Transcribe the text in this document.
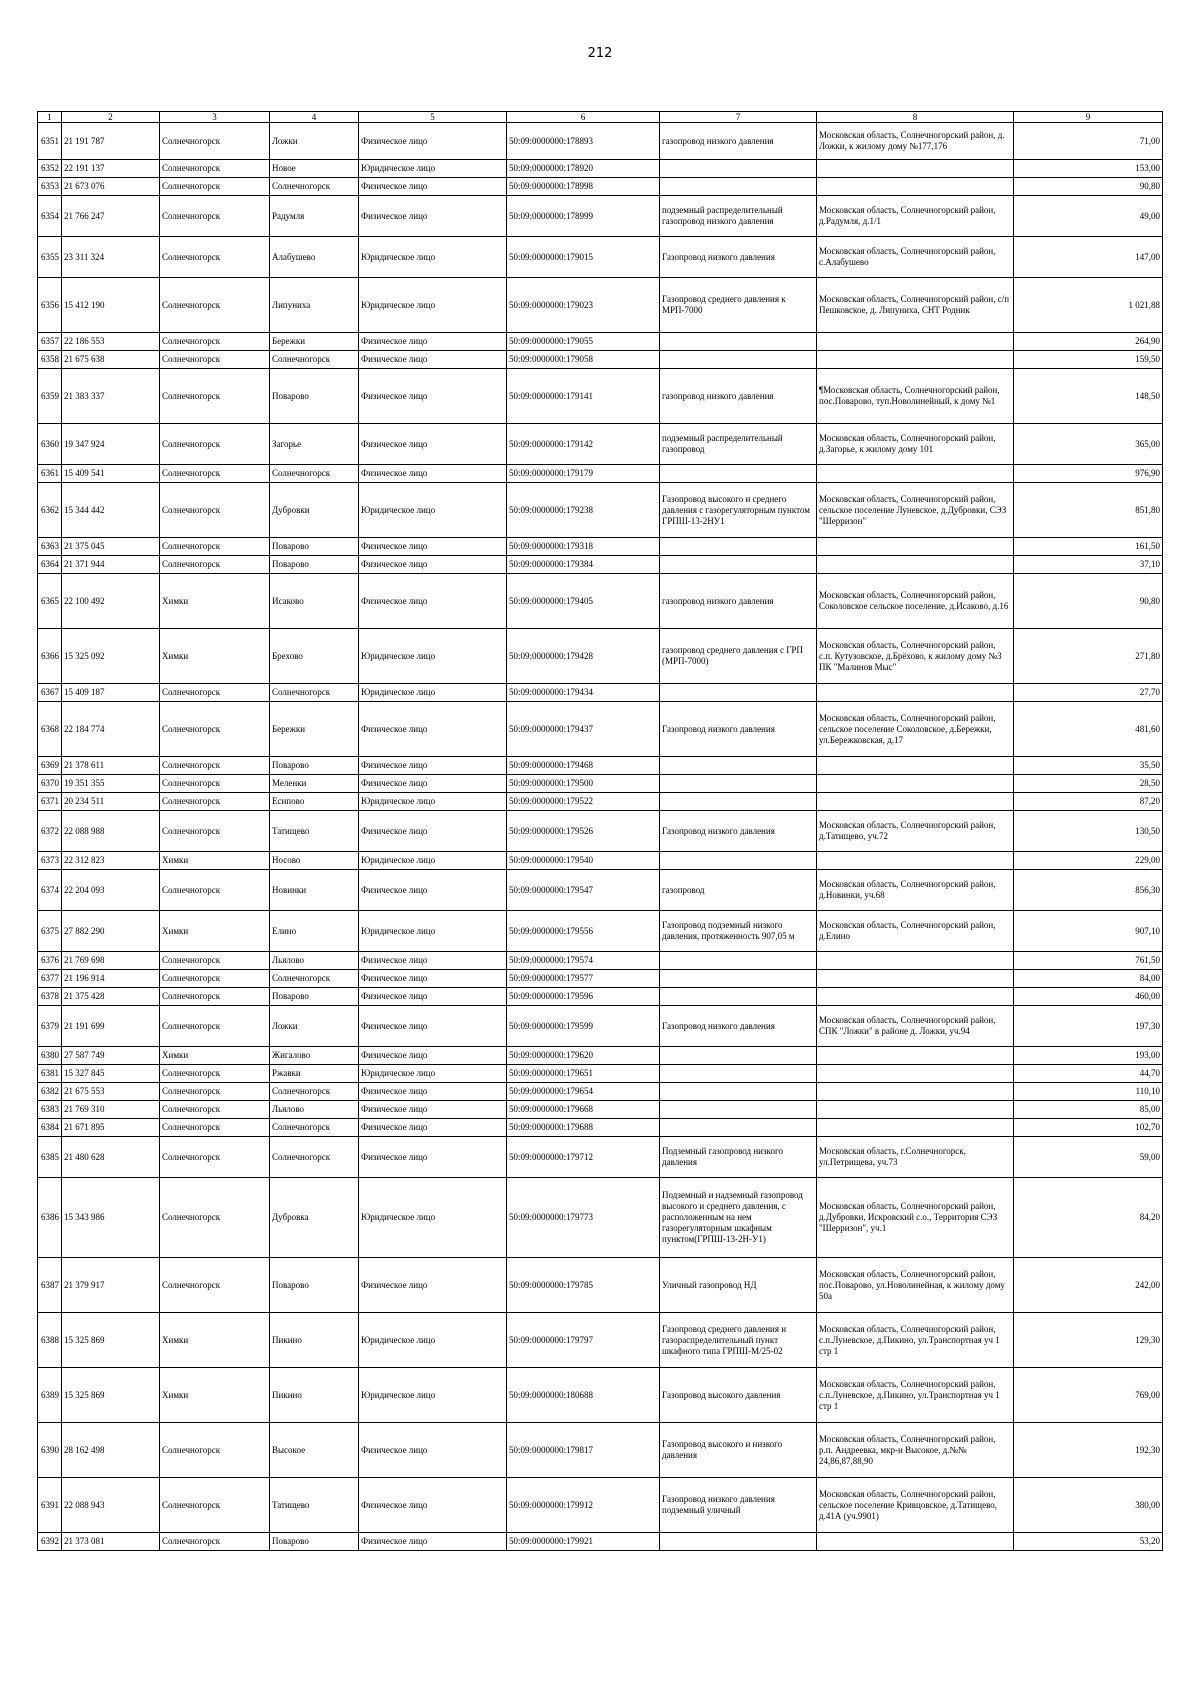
212
1	2	3	4	5	6	7	8	9
6351	21 191 787	Солнечногорск	Ложки	Физическое лицо	50:09:0000000:178893	газопровод низкого давления	Московская область, Солнечногорский район, д. Ложки, к жилому дому №177,176	71,00
6352	22 191 137	Солнечногорск	Новое	Юридическое лицо	50:09:0000000:178920			153,00
6353	21 673 076	Солнечногорск	Солнечногорск	Физическое лицо	50:09:0000000:178998			90,80
6354	21 766 247	Солнечногорск	Радумля	Физическое лицо	50:09:0000000:178999	подземный распределительный газопровод низкого давления	Московская область, Солнечногорский район, д.Радумля, д.1/1	49,00
6355	23 311 324	Солнечногорск	Алабушево	Юридическое лицо	50:09:0000000:179015	Газопровод низкого давления	Московская область, Солнечногорский район, с.Алабушево	147,00
6356	15 412 190	Солнечногорск	Липуниха	Юридическое лицо	50:09:0000000:179023	Газопровод среднего давления к МРП-7000	Московская область, Солнечногорский район, с/п Пешковское, д. Липуниха, СНТ Родник	1 021,88
6357	22 186 553	Солнечногорск	Бережки	Физическое лицо	50:09:0000000:179055			264,90
6358	21 675 638	Солнечногорск	Солнечногорск	Физическое лицо	50:09:0000000:179058			159,50
6359	21 383 337	Солнечногорск	Поварово	Физическое лицо	50:09:0000000:179141	газопровод низкого давления	¶Московская область, Солнечногорский район, пос.Поварово, туп.Новолинейный, к дому №1	148,50
6360	19 347 924	Солнечногорск	Загорье	Физическое лицо	50:09:0000000:179142	подземный распределительный газопровод	Московская область, Солнечногорский район, д.Загорье, к жилому дому 101	365,00
6361	15 409 541	Солнечногорск	Солнечногорск	Физическое лицо	50:09:0000000:179179			976,90
6362	15 344 442	Солнечногорск	Дубровки	Юридическое лицо	50:09:0000000:179238	Газопровод высокого и среднего давления с газорегуляторным пунктом ГРПШ-13-2НУ1	Московская область, Солнечногорский район, сельское поселение Луневское, д.Дубровки, СЭЗ "Шерризон"	851,80
6363	21 375 045	Солнечногорск	Поварово	Физическое лицо	50:09:0000000:179318			161,50
6364	21 371 944	Солнечногорск	Поварово	Физическое лицо	50:09:0000000:179384			37,10
6365	22 100 492	Химки	Исаково	Физическое лицо	50:09:0000000:179405	газопровод низкого давления	Московская область, Солнечногорский район, Соколовское сельское поселение, д.Исаково, д.16	90,80
6366	15 325 092	Химки	Брехово	Юридическое лицо	50:09:0000000:179428	газопровод среднего давления с ГРП (МРП-7000)	Московская область, Солнечногорский район, с.п. Кутузовское, д.Брёхово, к жилому дому №3 ПК "Малинов Мыс"	271,80
6367	15 409 187	Солнечногорск	Солнечногорск	Юридическое лицо	50:09:0000000:179434			27,70
6368	22 184 774	Солнечногорск	Бережки	Физическое лицо	50:09:0000000:179437	Газопровод низкого давления	Московская область, Солнечногорский район, сельское поселение Соколовское, д.Бережки, ул.Бережковская, д.17	481,60
6369	21 378 611	Солнечногорск	Поварово	Физическое лицо	50:09:0000000:179468			35,50
6370	19 351 355	Солнечногорск	Меленки	Физическое лицо	50:09:0000000:179500			28,50
6371	20 234 511	Солнечногорск	Есипово	Юридическое лицо	50:09:0000000:179522			87,20
6372	22 088 988	Солнечногорск	Татищево	Физическое лицо	50:09:0000000:179526	Газопровод низкого давления	Московская область, Солнечногорский район, д.Татищево, уч.72	130,50
6373	22 312 823	Химки	Носово	Юридическое лицо	50:09:0000000:179540			229,00
6374	22 204 093	Солнечногорск	Новинки	Физическое лицо	50:09:0000000:179547	газопровод	Московская область, Солнечногорский район, д.Новинки, уч.68	856,30
6375	27 882 290	Химки	Елино	Юридическое лицо	50:09:0000000:179556	Газопровод подземный низкого давления, протяженность 907,05 м	Московская область, Солнечногорский район, д.Елино	907,10
6376	21 769 698	Солнечногорск	Льялово	Физическое лицо	50:09:0000000:179574			761,50
6377	21 196 914	Солнечногорск	Солнечногорск	Физическое лицо	50:09:0000000:179577			84,00
6378	21 375 428	Солнечногорск	Поварово	Физическое лицо	50:09:0000000:179596			460,00
6379	21 191 699	Солнечногорск	Ложки	Физическое лицо	50:09:0000000:179599	Газопровод низкого давления	Московская область, Солнечногорский район, СПК "Ложки" в районе д. Ложки, уч.94	197,30
6380	27 587 749	Химки	Жигалово	Физическое лицо	50:09:0000000:179620			193,00
6381	15 327 845	Солнечногорск	Ржавки	Юридическое лицо	50:09:0000000:179651			44,70
6382	21 675 553	Солнечногорск	Солнечногорск	Физическое лицо	50:09:0000000:179654			110,10
6383	21 769 310	Солнечногорск	Льялово	Физическое лицо	50:09:0000000:179668			85,00
6384	21 671 895	Солнечногорск	Солнечногорск	Физическое лицо	50:09:0000000:179688			102,70
6385	21 480 628	Солнечногорск	Солнечногорск	Физическое лицо	50:09:0000000:179712	Подземный газопровод низкого давления	Московская область, г.Солнечногорск, ул.Петрищева, уч.73	59,00
6386	15 343 986	Солнечногорск	Дубровка	Юридическое лицо	50:09:0000000:179773	Подземный и надземный газопровод высокого и среднего давления, с расположенным на нем газорегуляторным шкафным пунктом(ГРПШ-13-2Н-У1)	Московская область, Солнечногорский район, д.Дубровки, Искровский с.о., Территория СЭЗ "Шерризон", уч.1	84,20
6387	21 379 917	Солнечногорск	Поварово	Физическое лицо	50:09:0000000:179785	Уличный газопровод НД	Московская область, Солнечногорский район, пос.Поварово, ул.Новолинейная, к жилому дому 50а	242,00
6388	15 325 869	Химки	Пикино	Юридическое лицо	50:09:0000000:179797	Газопровод среднего давления и газораспределительный пункт шкафного типа ГРПШ-М/25-02	Московская область, Солнечногорский район, с.п.Луневское, д.Пикино, ул.Транспортная уч 1 стр 1	129,30
6389	15 325 869	Химки	Пикино	Юридическое лицо	50:09:0000000:180688	Газопровод высокого давления	Московская область, Солнечногорский район, с.п.Луневское, д.Пикино, ул.Транспортная уч 1 стр 1	769,00
6390	28 162 498	Солнечногорск	Высокое	Физическое лицо	50:09:0000000:179817	Газопровод высокого и низкого давления	Московская область, Солнечногорский район, р.п. Андреевка, мкр-н Высокое, д.№№ 24,86,87,88,90	192,30
6391	22 088 943	Солнечногорск	Татищево	Физическое лицо	50:09:0000000:179912	Газопровод низкого давления подземный уличный	Московская область, Солнечногорский район, сельское поселение Кривцовское, д.Татищево, д.41А (уч.9901)	380,00
6392	21 373 081	Солнечногорск	Поварово	Физическое лицо	50:09:0000000:179921			53,20
